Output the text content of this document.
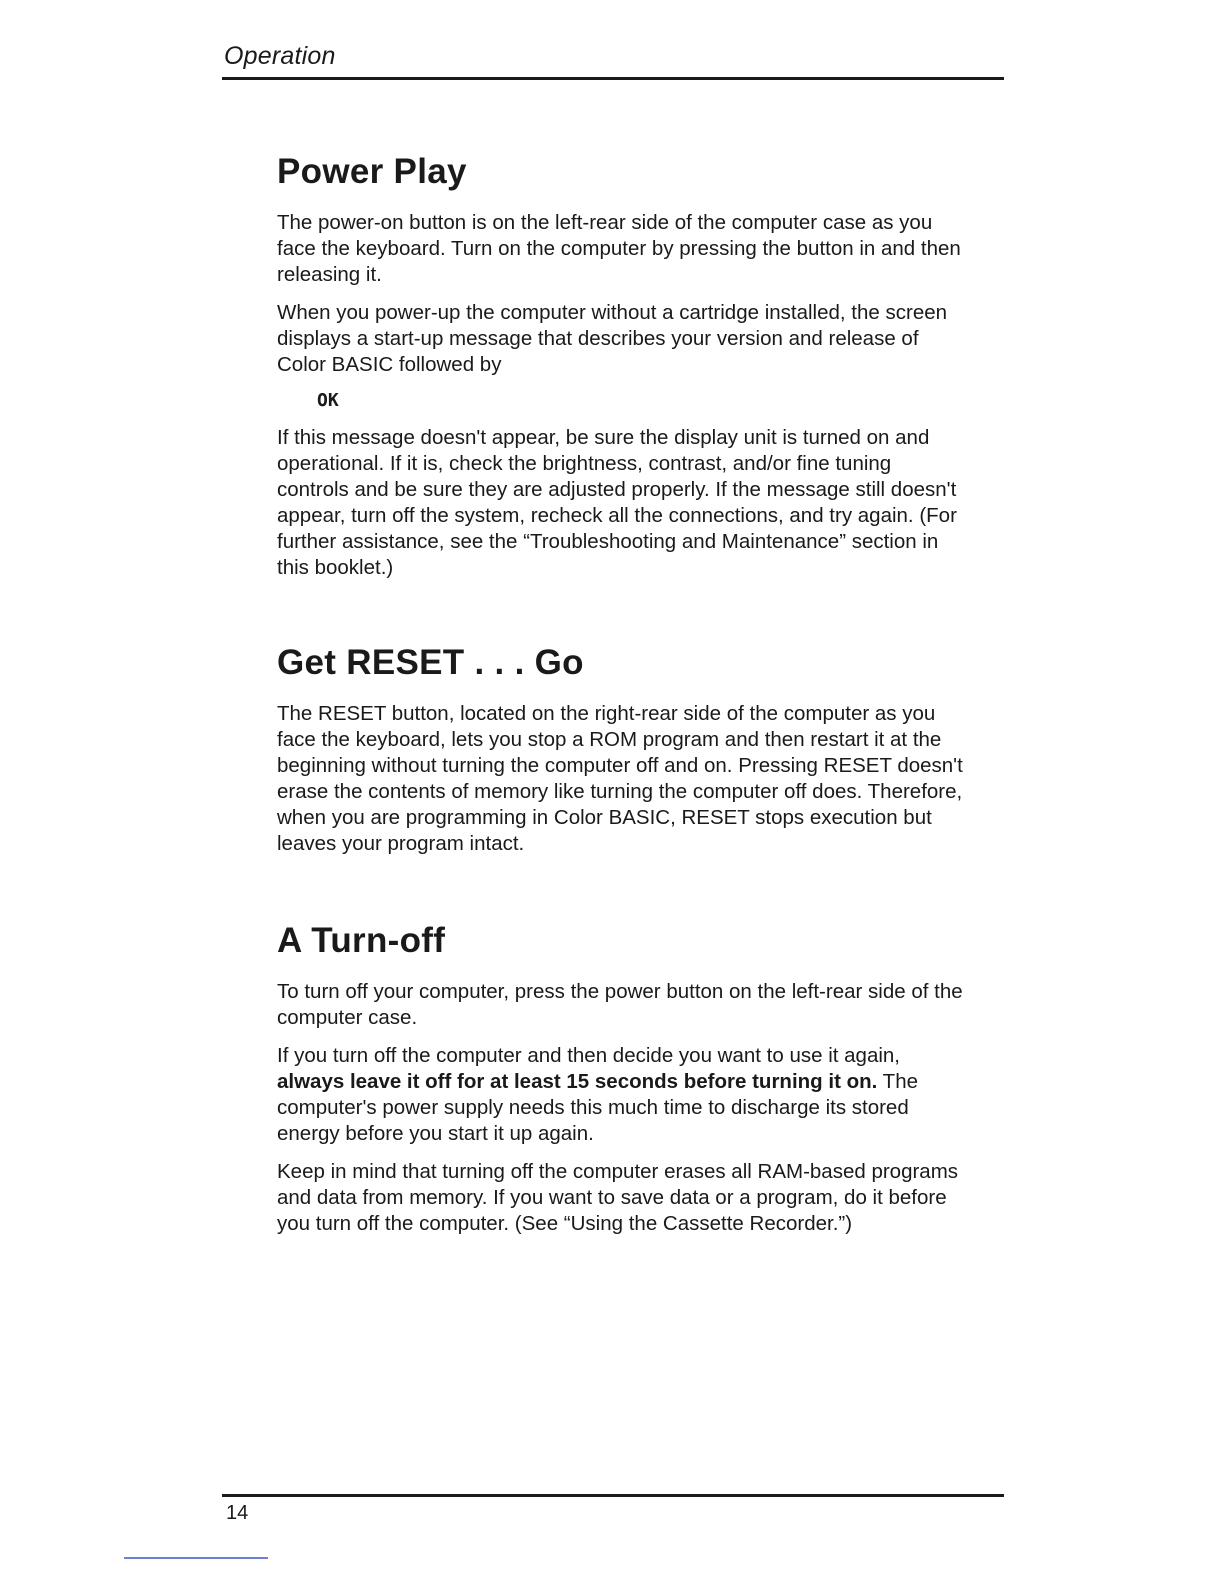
Operation
Power Play

The power-on button is on the left-rear side of the computer case as you face the keyboard. Turn on the computer by pressing the button in and then releasing it.

When you power-up the computer without a cartridge installed, the screen displays a start-up message that describes your version and release of Color BASIC followed by

OK

If this message doesn't appear, be sure the display unit is turned on and operational. If it is, check the brightness, contrast, and/or fine tuning controls and be sure they are adjusted properly. If the message still doesn't appear, turn off the system, recheck all the connections, and try again. (For further assistance, see the “Troubleshooting and Maintenance” section in this booklet.)

Get RESET . . . Go

The RESET button, located on the right-rear side of the computer as you face the keyboard, lets you stop a ROM program and then restart it at the beginning without turning the computer off and on. Pressing RESET doesn't erase the contents of memory like turning the computer off does. Therefore, when you are programming in Color BASIC, RESET stops execution but leaves your program intact.

A Turn-off

To turn off your computer, press the power button on the left-rear side of the computer case.

If you turn off the computer and then decide you want to use it again, always leave it off for at least 15 seconds before turning it on. The computer's power supply needs this much time to discharge its stored energy before you start it up again.

Keep in mind that turning off the computer erases all RAM-based programs and data from memory. If you want to save data or a program, do it before you turn off the computer. (See “Using the Cassette Recorder.”)

14
